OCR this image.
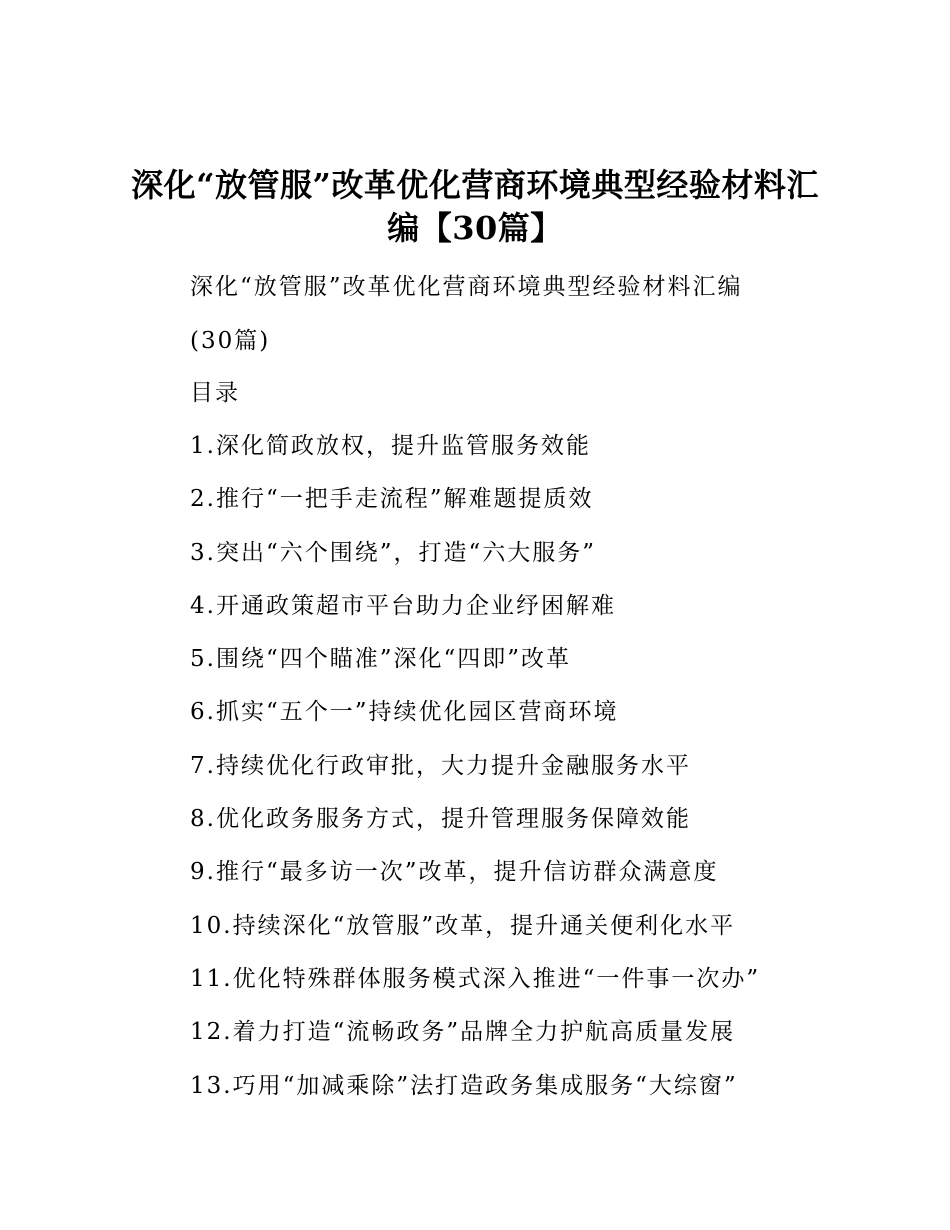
深化“放管服”改革优化营商环境典型经验材料汇编【30篇】

深化“放管服”改革优化营商环境典型经验材料汇编

(30篇)

目录

1.深化简政放权，提升监管服务效能
2.推行“一把手走流程”解难题提质效
3.突出“六个围绕”，打造“六大服务”
4.开通政策超市平台助力企业纾困解难
5.围绕“四个瞄准”深化“四即”改革
6.抓实“五个一”持续优化园区营商环境
7.持续优化行政审批，大力提升金融服务水平
8.优化政务服务方式，提升管理服务保障效能
9.推行“最多访一次”改革，提升信访群众满意度
10.持续深化“放管服”改革，提升通关便利化水平
11.优化特殊群体服务模式深入推进“一件事一次办”
12.着力打造“流畅政务”品牌全力护航高质量发展
13.巧用“加减乘除”法打造政务集成服务“大综窗”
